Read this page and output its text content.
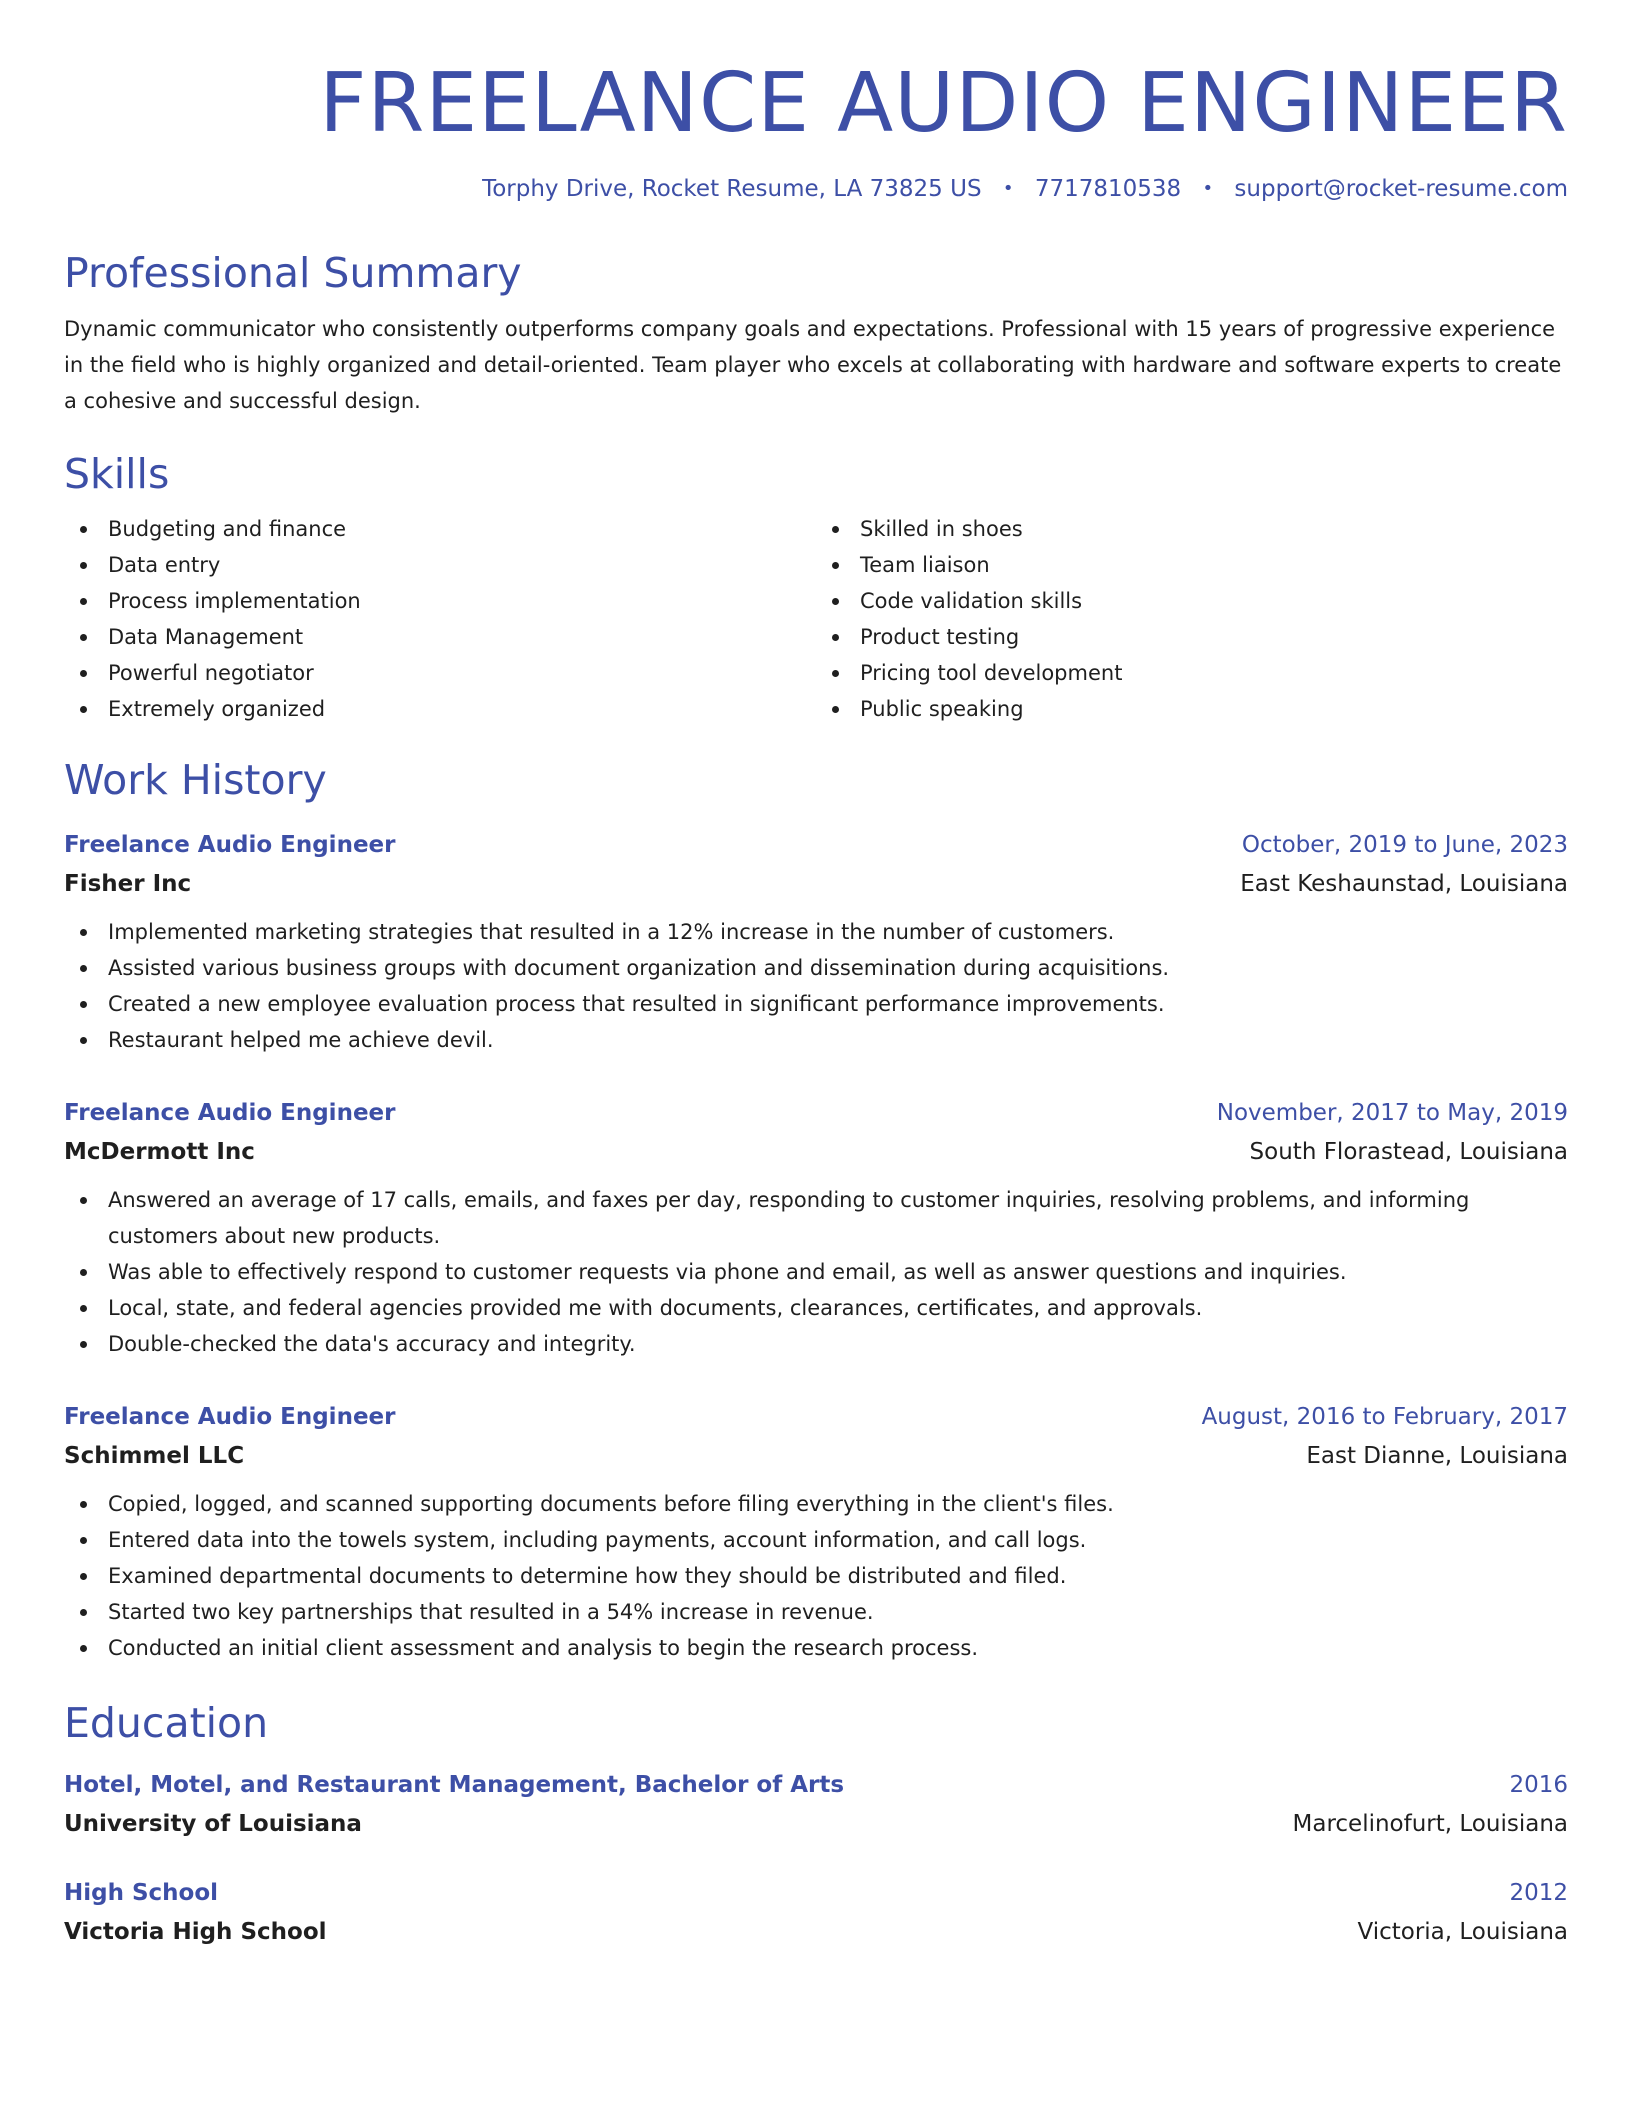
FREELANCE AUDIO ENGINEER
Torphy Drive, Rocket Resume, LA 73825 US • 7717810538 • support@rocket-resume.com
Professional Summary

Dynamic communicator who consistently outperforms company goals and expectations. Professional with 15 years of progressive experience in the field who is highly organized and detail-oriented. Team player who excels at collaborating with hardware and software experts to create a cohesive and successful design.

Skills
Budgeting and finance
Data entry
Process implementation
Data Management
Powerful negotiator
Extremely organized
Skilled in shoes
Team liaison
Code validation skills
Product testing
Pricing tool development
Public speaking
Work History
Freelance Audio Engineer	October, 2019 to June, 2023
Fisher Inc	East Keshaunstad, Louisiana
Implemented marketing strategies that resulted in a 12% increase in the number of customers.
Assisted various business groups with document organization and dissemination during acquisitions.
Created a new employee evaluation process that resulted in significant performance improvements.
Restaurant helped me achieve devil.
Freelance Audio Engineer	November, 2017 to May, 2019
McDermott Inc	South Florastead, Louisiana
Answered an average of 17 calls, emails, and faxes per day, responding to customer inquiries, resolving problems, and informing customers about new products.
Was able to effectively respond to customer requests via phone and email, as well as answer questions and inquiries.
Local, state, and federal agencies provided me with documents, clearances, certificates, and approvals.
Double-checked the data's accuracy and integrity.
Freelance Audio Engineer	August, 2016 to February, 2017
Schimmel LLC	East Dianne, Louisiana
Copied, logged, and scanned supporting documents before filing everything in the client's files.
Entered data into the towels system, including payments, account information, and call logs.
Examined departmental documents to determine how they should be distributed and filed.
Started two key partnerships that resulted in a 54% increase in revenue.
Conducted an initial client assessment and analysis to begin the research process.
Education
Hotel, Motel, and Restaurant Management, Bachelor of Arts	2016
University of Louisiana	Marcelinofurt, Louisiana
High School	2012
Victoria High School	Victoria, Louisiana
